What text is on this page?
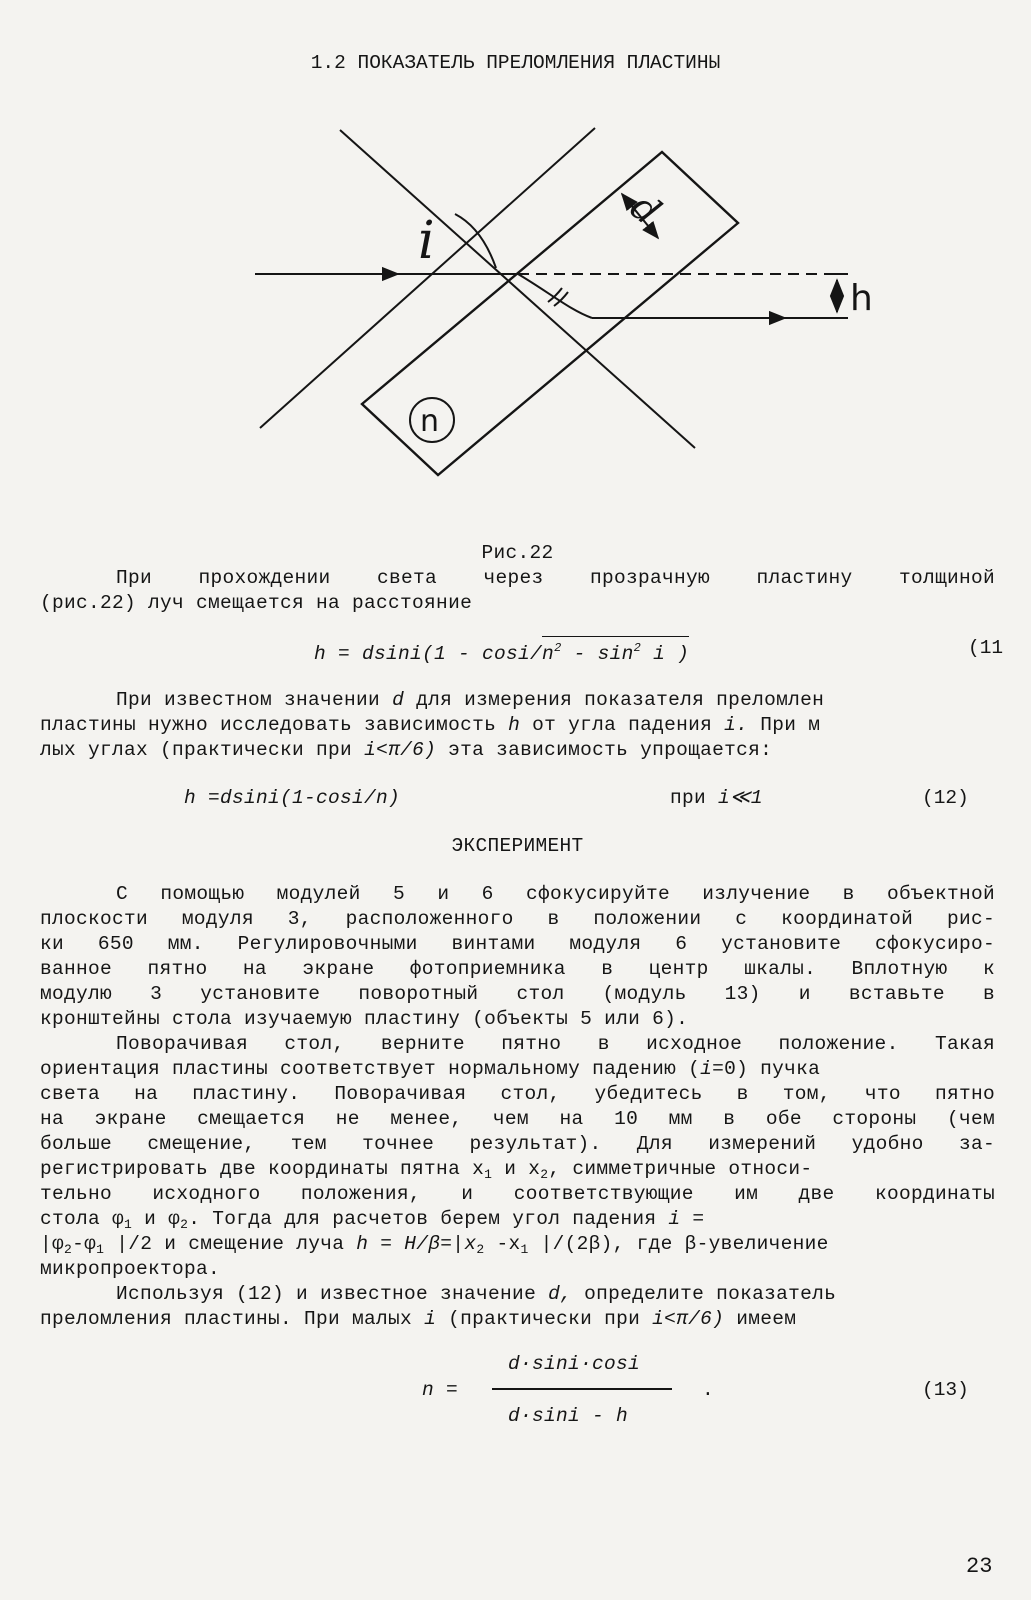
1.2 ПОКАЗАТЕЛЬ ПРЕЛОМЛЕНИЯ ПЛАСТИНЫ
i
d
h
n
Рис.22
При прохождении света через прозрачную пластину толщиной
(рис.22) луч смещается на расстояние
h = dsini(1 - cosi/$n^2 - \sin^2 i$ )	(11
При известном значении d для измерения показателя преломлен
пластины нужно исследовать зависимость h от угла падения i. При м
лых углах (практически при i<π/6) эта зависимость упрощается:
h =dsini(1-cosi/n)	при i≪1	(12)
ЭКСПЕРИМЕНТ
С помощью модулей 5 и 6 сфокусируйте излучение в объектной
плоскости модуля 3, расположенного в положении с координатой рис-
ки 650 мм. Регулировочными винтами модуля 6 установите сфокусиро-
ванное пятно на экране фотоприемника в центр шкалы. Вплотную к
модулю 3 установите поворотный стол (модуль 13) и вставьте в
кронштейны стола изучаемую пластину (объекты 5 или 6).
Поворачивая стол, верните пятно в исходное положение. Такая
ориентация пластины соответствует нормальному падению (i=0) пучка
света на пластину. Поворачивая стол, убедитесь в том, что пятно
на экране смещается не менее, чем на 10 мм в обе стороны (чем
больше смещение, тем точнее результат). Для измерений удобно за-
регистрировать две координаты пятна $x_1$ и $x_2$, симметричные относи-
тельно исходного положения, и соответствующие им две координаты
стола $\varphi_1$ и $\varphi_2$. Тогда для расчетов берем угол падения i =
$|\varphi_2-\varphi_1$ |/2 и смещение луча $h = H/\beta=|x_2$ $-x_1$ |/(2β), где β-увеличение
микропроектора.
Используя (12) и известное значение d, определите показатель
преломления пластины. При малых i (практически при i<π/6) имеем
d·sini·cosi
n =	.
d·sini - h
(13)
23
